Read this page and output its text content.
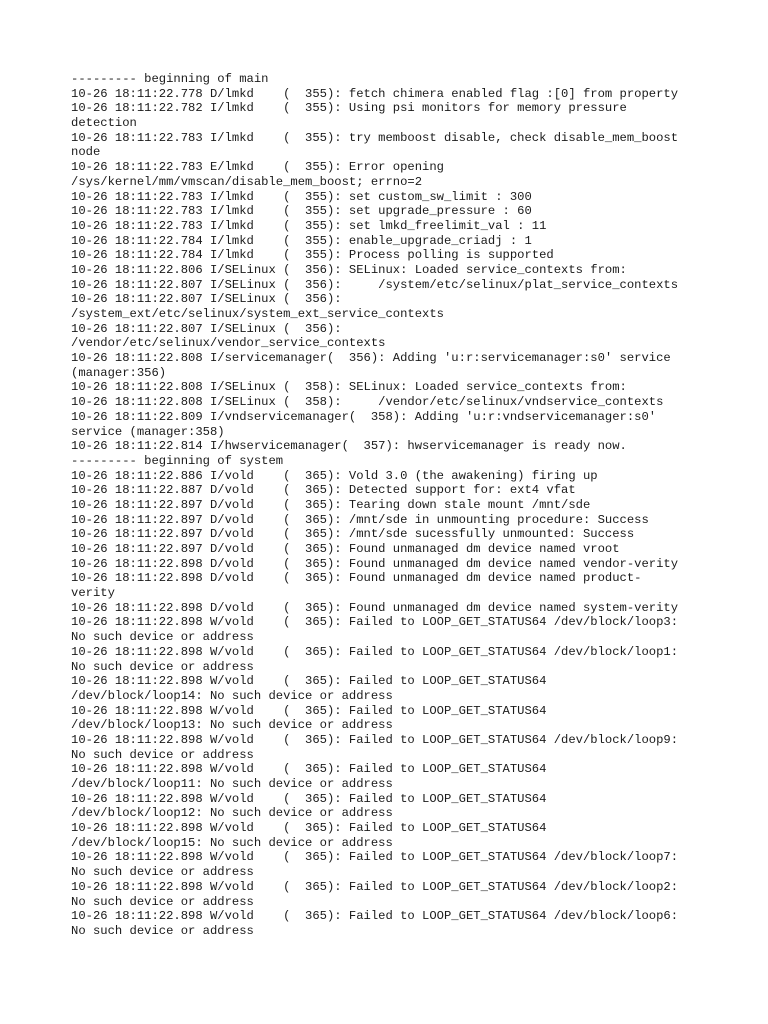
--------- beginning of main
10-26 18:11:22.778 D/lmkd    (  355): fetch chimera enabled flag :[0] from property
10-26 18:11:22.782 I/lmkd    (  355): Using psi monitors for memory pressure
detection
10-26 18:11:22.783 I/lmkd    (  355): try memboost disable, check disable_mem_boost
node
10-26 18:11:22.783 E/lmkd    (  355): Error opening
/sys/kernel/mm/vmscan/disable_mem_boost; errno=2
10-26 18:11:22.783 I/lmkd    (  355): set custom_sw_limit : 300
10-26 18:11:22.783 I/lmkd    (  355): set upgrade_pressure : 60
10-26 18:11:22.783 I/lmkd    (  355): set lmkd_freelimit_val : 11
10-26 18:11:22.784 I/lmkd    (  355): enable_upgrade_criadj : 1
10-26 18:11:22.784 I/lmkd    (  355): Process polling is supported
10-26 18:11:22.806 I/SELinux (  356): SELinux: Loaded service_contexts from:
10-26 18:11:22.807 I/SELinux (  356):     /system/etc/selinux/plat_service_contexts
10-26 18:11:22.807 I/SELinux (  356):
/system_ext/etc/selinux/system_ext_service_contexts
10-26 18:11:22.807 I/SELinux (  356):
/vendor/etc/selinux/vendor_service_contexts
10-26 18:11:22.808 I/servicemanager(  356): Adding 'u:r:servicemanager:s0' service
(manager:356)
10-26 18:11:22.808 I/SELinux (  358): SELinux: Loaded service_contexts from:
10-26 18:11:22.808 I/SELinux (  358):     /vendor/etc/selinux/vndservice_contexts
10-26 18:11:22.809 I/vndservicemanager(  358): Adding 'u:r:vndservicemanager:s0'
service (manager:358)
10-26 18:11:22.814 I/hwservicemanager(  357): hwservicemanager is ready now.
--------- beginning of system
10-26 18:11:22.886 I/vold    (  365): Vold 3.0 (the awakening) firing up
10-26 18:11:22.887 D/vold    (  365): Detected support for: ext4 vfat
10-26 18:11:22.897 D/vold    (  365): Tearing down stale mount /mnt/sde
10-26 18:11:22.897 D/vold    (  365): /mnt/sde in unmounting procedure: Success
10-26 18:11:22.897 D/vold    (  365): /mnt/sde sucessfully unmounted: Success
10-26 18:11:22.897 D/vold    (  365): Found unmanaged dm device named vroot
10-26 18:11:22.898 D/vold    (  365): Found unmanaged dm device named vendor-verity
10-26 18:11:22.898 D/vold    (  365): Found unmanaged dm device named product-
verity
10-26 18:11:22.898 D/vold    (  365): Found unmanaged dm device named system-verity
10-26 18:11:22.898 W/vold    (  365): Failed to LOOP_GET_STATUS64 /dev/block/loop3:
No such device or address
10-26 18:11:22.898 W/vold    (  365): Failed to LOOP_GET_STATUS64 /dev/block/loop1:
No such device or address
10-26 18:11:22.898 W/vold    (  365): Failed to LOOP_GET_STATUS64
/dev/block/loop14: No such device or address
10-26 18:11:22.898 W/vold    (  365): Failed to LOOP_GET_STATUS64
/dev/block/loop13: No such device or address
10-26 18:11:22.898 W/vold    (  365): Failed to LOOP_GET_STATUS64 /dev/block/loop9:
No such device or address
10-26 18:11:22.898 W/vold    (  365): Failed to LOOP_GET_STATUS64
/dev/block/loop11: No such device or address
10-26 18:11:22.898 W/vold    (  365): Failed to LOOP_GET_STATUS64
/dev/block/loop12: No such device or address
10-26 18:11:22.898 W/vold    (  365): Failed to LOOP_GET_STATUS64
/dev/block/loop15: No such device or address
10-26 18:11:22.898 W/vold    (  365): Failed to LOOP_GET_STATUS64 /dev/block/loop7:
No such device or address
10-26 18:11:22.898 W/vold    (  365): Failed to LOOP_GET_STATUS64 /dev/block/loop2:
No such device or address
10-26 18:11:22.898 W/vold    (  365): Failed to LOOP_GET_STATUS64 /dev/block/loop6:
No such device or address
